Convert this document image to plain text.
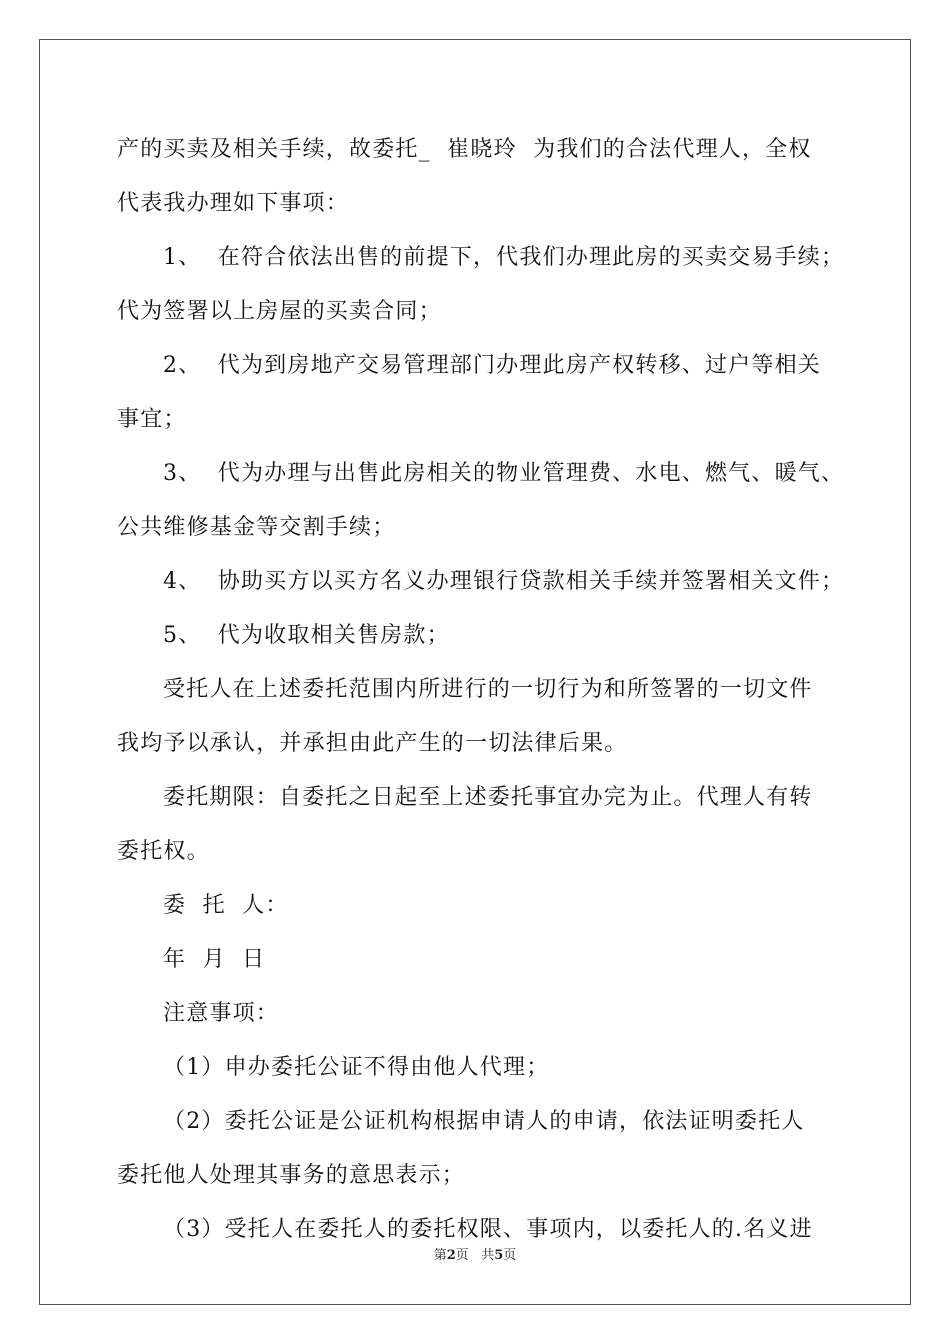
产的买卖及相关手续，故委托_  崔晓玲  为我们的合法代理人，全权
代表我办理如下事项：
1、  在符合依法出售的前提下，代我们办理此房的买卖交易手续；
代为签署以上房屋的买卖合同；
2、  代为到房地产交易管理部门办理此房产权转移、过户等相关
事宜；
3、  代为办理与出售此房相关的物业管理费、水电、燃气、暖气、
公共维修基金等交割手续；
4、  协助买方以买方名义办理银行贷款相关手续并签署相关文件；
5、  代为收取相关售房款；
受托人在上述委托范围内所进行的一切行为和所签署的一切文件
我均予以承认，并承担由此产生的一切法律后果。
委托期限：自委托之日起至上述委托事宜办完为止。代理人有转
委托权。
委  托  人：
年  月  日
注意事项：
（1）申办委托公证不得由他人代理；
（2）委托公证是公证机构根据申请人的申请，依法证明委托人
委托他人处理其事务的意思表示；
（3）受托人在委托人的委托权限、事项内，以委托人的.名义进
第2页 共5页
